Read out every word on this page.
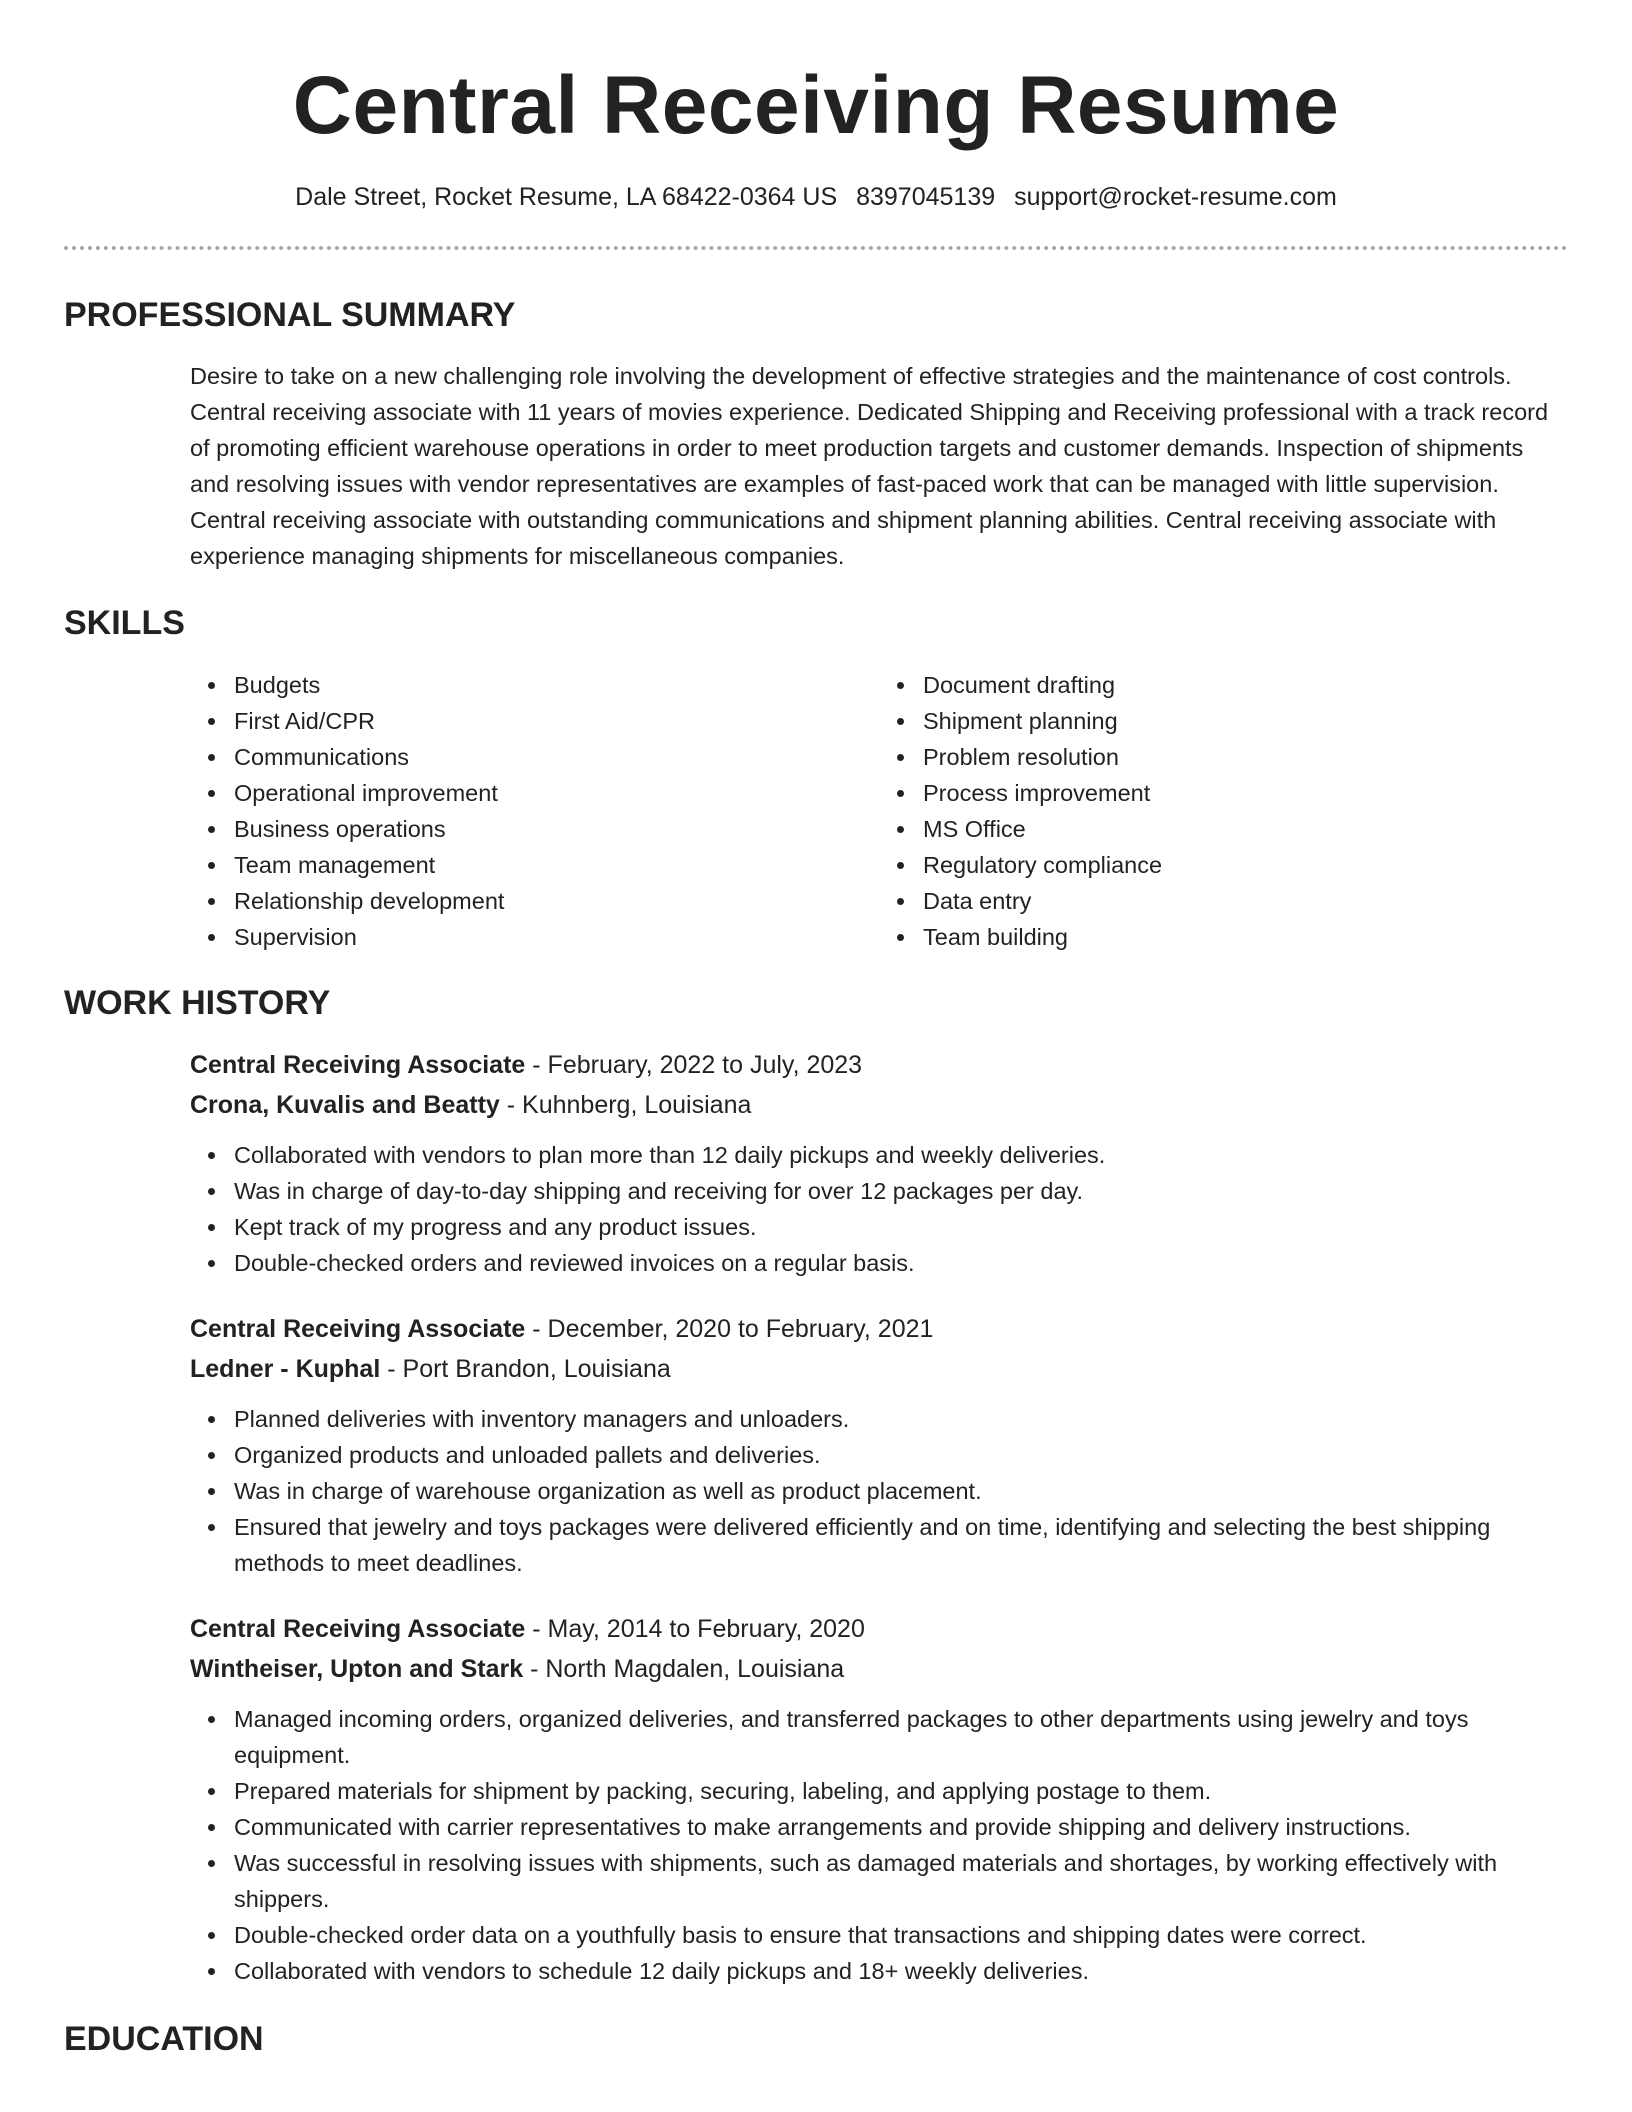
Central Receiving Resume
Dale Street, Rocket Resume, LA 68422-0364 US 8397045139 support@rocket-resume.com
PROFESSIONAL SUMMARY

Desire to take on a new challenging role involving the development of effective strategies and the maintenance of cost controls. Central receiving associate with 11 years of movies experience. Dedicated Shipping and Receiving professional with a track record of promoting efficient warehouse operations in order to meet production targets and customer demands. Inspection of shipments and resolving issues with vendor representatives are examples of fast-paced work that can be managed with little supervision. Central receiving associate with outstanding communications and shipment planning abilities. Central receiving associate with experience managing shipments for miscellaneous companies.

SKILLS
Budgets
First Aid/CPR
Communications
Operational improvement
Business operations
Team management
Relationship development
Supervision
Document drafting
Shipment planning
Problem resolution
Process improvement
MS Office
Regulatory compliance
Data entry
Team building
WORK HISTORY
Central Receiving Associate - February, 2022 to July, 2023
Crona, Kuvalis and Beatty - Kuhnberg, Louisiana
Collaborated with vendors to plan more than 12 daily pickups and weekly deliveries.
Was in charge of day-to-day shipping and receiving for over 12 packages per day.
Kept track of my progress and any product issues.
Double-checked orders and reviewed invoices on a regular basis.
Central Receiving Associate - December, 2020 to February, 2021
Ledner - Kuphal - Port Brandon, Louisiana
Planned deliveries with inventory managers and unloaders.
Organized products and unloaded pallets and deliveries.
Was in charge of warehouse organization as well as product placement.
Ensured that jewelry and toys packages were delivered efficiently and on time, identifying and selecting the best shipping methods to meet deadlines.
Central Receiving Associate - May, 2014 to February, 2020
Wintheiser, Upton and Stark - North Magdalen, Louisiana
Managed incoming orders, organized deliveries, and transferred packages to other departments using jewelry and toys equipment.
Prepared materials for shipment by packing, securing, labeling, and applying postage to them.
Communicated with carrier representatives to make arrangements and provide shipping and delivery instructions.
Was successful in resolving issues with shipments, such as damaged materials and shortages, by working effectively with shippers.
Double-checked order data on a youthfully basis to ensure that transactions and shipping dates were correct.
Collaborated with vendors to schedule 12 daily pickups and 18+ weekly deliveries.
EDUCATION
